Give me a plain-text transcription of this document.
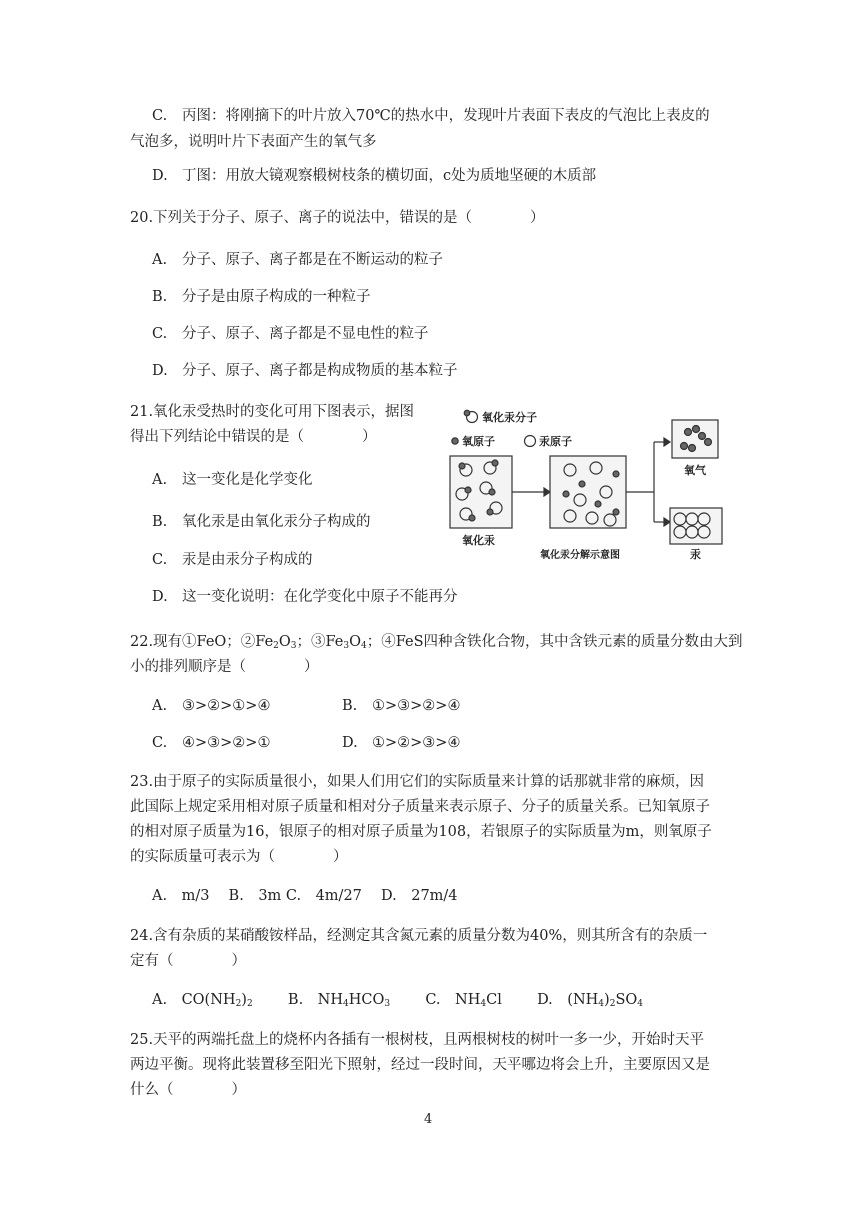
C. 丙图：将刚摘下的叶片放入70℃的热水中，发现叶片表面下表皮的气泡比上表皮的
气泡多，说明叶片下表面产生的氧气多
D. 丁图：用放大镜观察椴树枝条的横切面，c处为质地坚硬的木质部
20.下列关于分子、原子、离子的说法中，错误的是（　　　　）
A. 分子、原子、离子都是在不断运动的粒子
B. 分子是由原子构成的一种粒子
C. 分子、原子、离子都是不显电性的粒子
D. 分子、原子、离子都是构成物质的基本粒子
21.氧化汞受热时的变化可用下图表示，据图
得出下列结论中错误的是（　　　　）
A. 这一变化是化学变化
B. 氧化汞是由氧化汞分子构成的
C. 汞是由汞分子构成的
D. 这一变化说明：在化学变化中原子不能再分
氧化汞分子
氧原子	汞原子
氧化汞
氧化汞分解示意图
氧气
汞
22.现有①FeO；$②Fe_2O_3$；$③Fe_3O_4$；④FeS四种含铁化合物，其中含铁元素的质量分数由大到
小的排列顺序是（　　　　）
A. ③>②>①>④	B. ①>③>②>④
C. ④>③>②>①	D. ①>②>③>④
23.由于原子的实际质量很小，如果人们用它们的实际质量来计算的话那就非常的麻烦，因
此国际上规定采用相对原子质量和相对分子质量来表示原子、分子的质量关系。已知氧原子
的相对原子质量为16，银原子的相对原子质量为108，若银原子的实际质量为m，则氧原子
的实际质量可表示为（　　　　）
A.　m/3　 B.　3m C.　4m/27　 D.　27m/4
24.含有杂质的某硝酸铵样品，经测定其含氮元素的质量分数为40%，则其所含有的杂质一
定有（　　　　）
A.　$CO(NH_2)_2$ B.　$NH_4HCO_3$ C.　$NH_4Cl$ D.　$(NH_4)_2SO_4$
25.天平的两端托盘上的烧杯内各插有一根树枝，且两根树枝的树叶一多一少，开始时天平
两边平衡。现将此装置移至阳光下照射，经过一段时间，天平哪边将会上升，主要原因又是
什么（　　　　）
4
